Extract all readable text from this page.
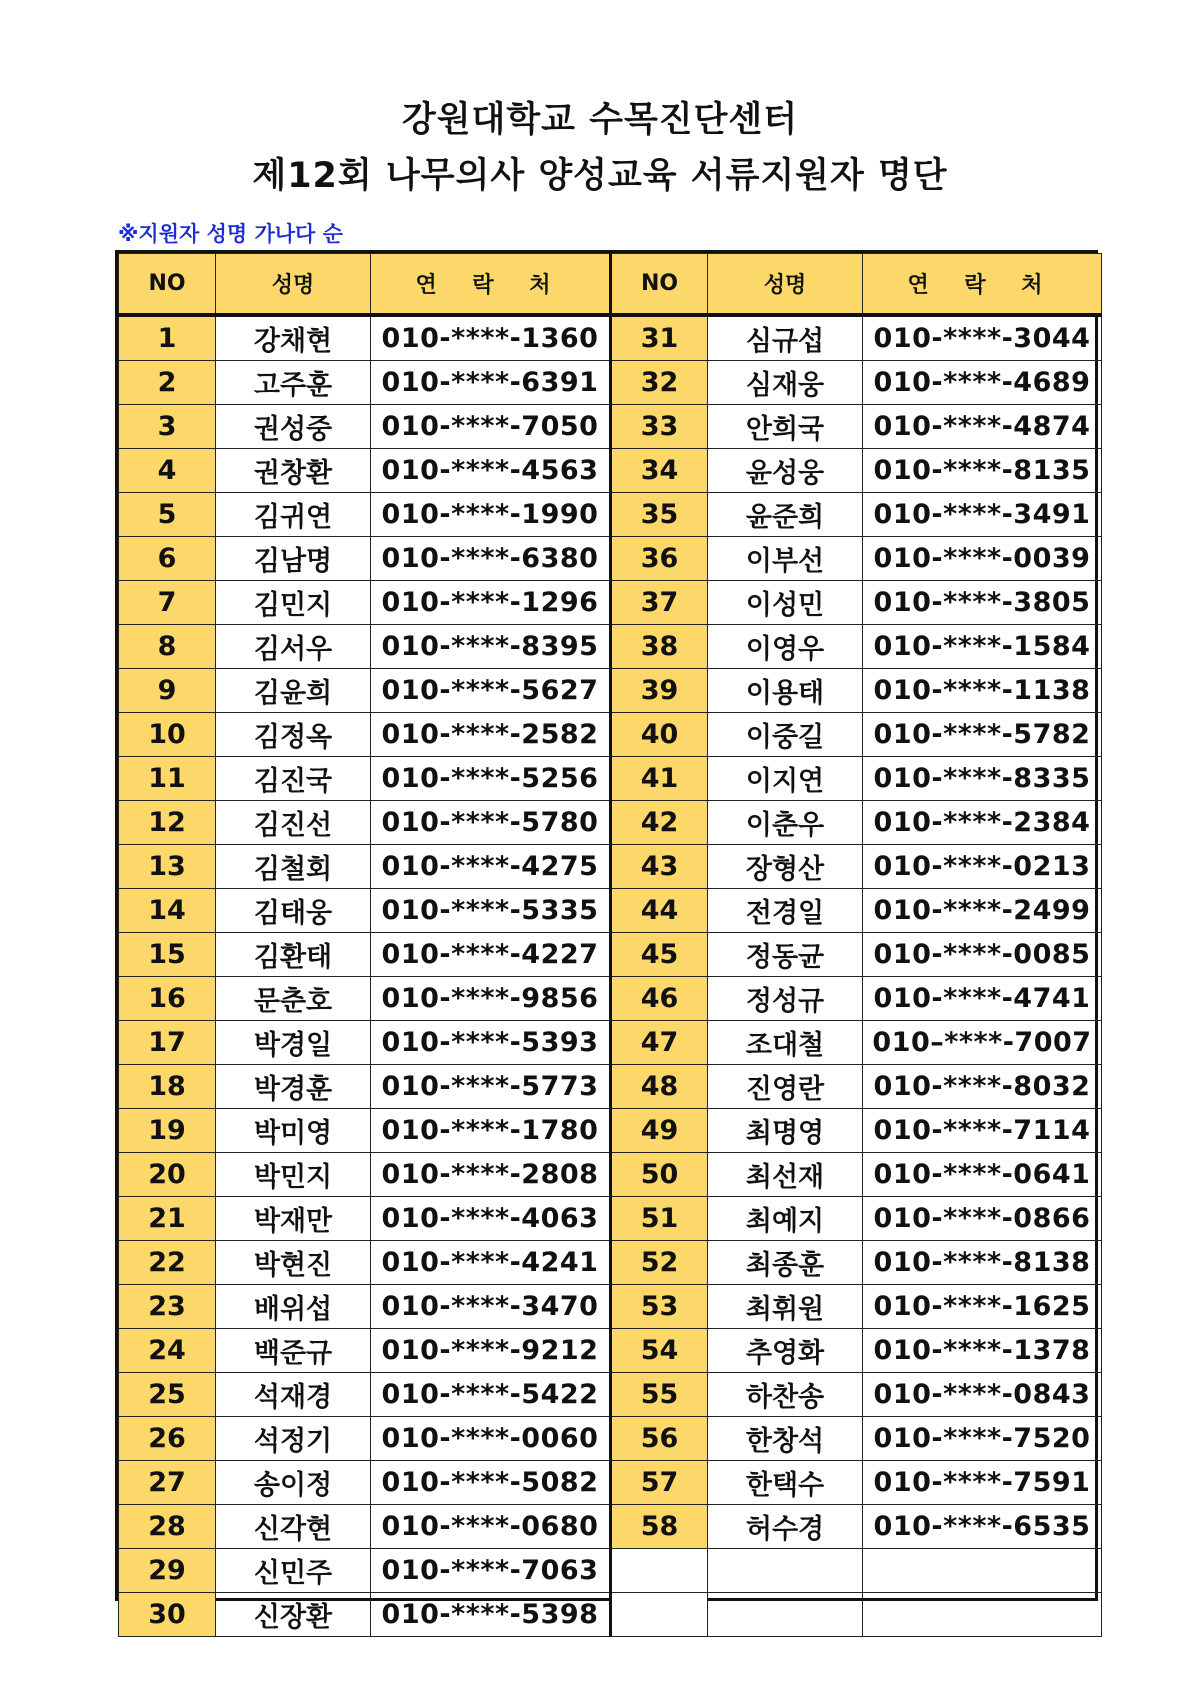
강원대학교 수목진단센터
제12회 나무의사 양성교육 서류지원자 명단
※지원자 성명 가나다 순
NO	성명	연 락 처	NO	성명	연 락 처
1	강채현	010-****-1360	31	심규섭	010-****-3044
2	고주훈	010-****-6391	32	심재웅	010-****-4689
3	권성중	010-****-7050	33	안희국	010-****-4874
4	권창환	010-****-4563	34	윤성웅	010-****-8135
5	김귀연	010-****-1990	35	윤준희	010-****-3491
6	김남명	010-****-6380	36	이부선	010-****-0039
7	김민지	010-****-1296	37	이성민	010-****-3805
8	김서우	010-****-8395	38	이영우	010-****-1584
9	김윤희	010-****-5627	39	이용태	010-****-1138
10	김정옥	010-****-2582	40	이중길	010-****-5782
11	김진국	010-****-5256	41	이지연	010-****-8335
12	김진선	010-****-5780	42	이춘우	010-****-2384
13	김철회	010-****-4275	43	장형산	010-****-0213
14	김태웅	010-****-5335	44	전경일	010-****-2499
15	김환태	010-****-4227	45	정동균	010-****-0085
16	문춘호	010-****-9856	46	정성규	010-****-4741
17	박경일	010-****-5393	47	조대철	010–****-7007
18	박경훈	010-****-5773	48	진영란	010-****-8032
19	박미영	010-****-1780	49	최명영	010-****-7114
20	박민지	010-****-2808	50	최선재	010-****-0641
21	박재만	010-****-4063	51	최예지	010-****-0866
22	박현진	010-****-4241	52	최종훈	010-****-8138
23	배위섭	010-****-3470	53	최휘원	010-****-1625
24	백준규	010-****-9212	54	추영화	010-****-1378
25	석재경	010-****-5422	55	하찬송	010-****-0843
26	석정기	010-****-0060	56	한창석	010-****-7520
27	송이정	010-****-5082	57	한택수	010-****-7591
28	신각현	010-****-0680	58	허수경	010-****-6535
29	신민주	010-****-7063			
30	신장환	010-****-5398			
